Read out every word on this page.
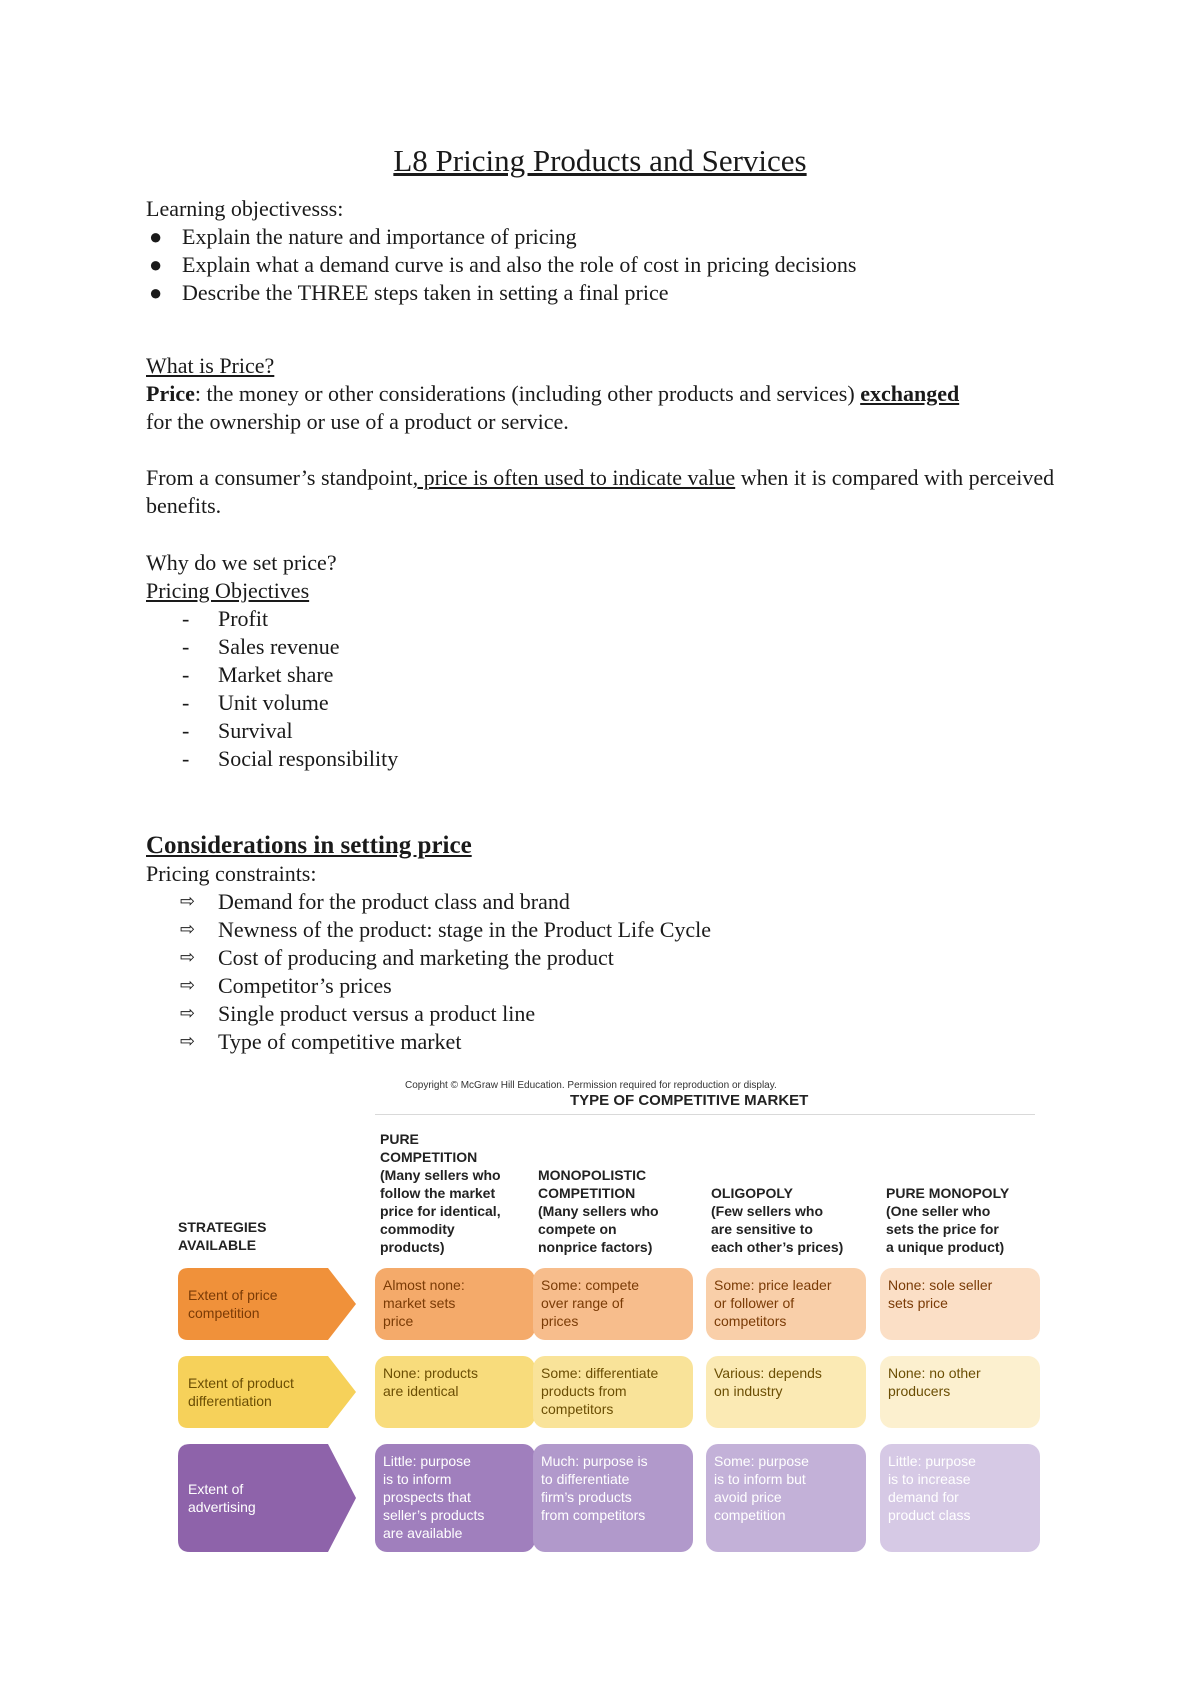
L8 Pricing Products and Services
Learning objectivesss:
● Explain the nature and importance of pricing
● Explain what a demand curve is and also the role of cost in pricing decisions
● Describe the THREE steps taken in setting a final price
What is Price?
Price: the money or other considerations (including other products and services) exchanged
for the ownership or use of a product or service.
From a consumer’s standpoint, price is often used to indicate value when it is compared with perceived benefits.
Why do we set price?
Pricing Objectives
- Profit
- Sales revenue
- Market share
- Unit volume
- Survival
- Social responsibility
Considerations in setting price
Pricing constraints:
⇨ Demand for the product class and brand
⇨ Newness of the product: stage in the Product Life Cycle
⇨ Cost of producing and marketing the product
⇨ Competitor’s prices
⇨ Single product versus a product line
⇨ Type of competitive market
Copyright © McGraw Hill Education. Permission required for reproduction or display.
TYPE OF COMPETITIVE MARKET
STRATEGIES
AVAILABLE
PURE
COMPETITION
(Many sellers who
follow the market
price for identical,
commodity
products)
MONOPOLISTIC
COMPETITION
(Many sellers who
compete on
nonprice factors)
OLIGOPOLY
(Few sellers who
are sensitive to
each other’s prices)
PURE MONOPOLY
(One seller who
sets the price for
a unique product)
Extent of price
competition
Almost none:
market sets
price
Some: compete
over range of
prices
Some: price leader
or follower of
competitors
None: sole seller
sets price
Extent of product
differentiation
None: products
are identical
Some: differentiate
products from
competitors
Various: depends
on industry
None: no other
producers
Extent of
advertising
Little: purpose
is to inform
prospects that
seller’s products
are available
Much: purpose is
to differentiate
firm’s products
from competitors
Some: purpose
is to inform but
avoid price
competition
Little: purpose
is to increase
demand for
product class
